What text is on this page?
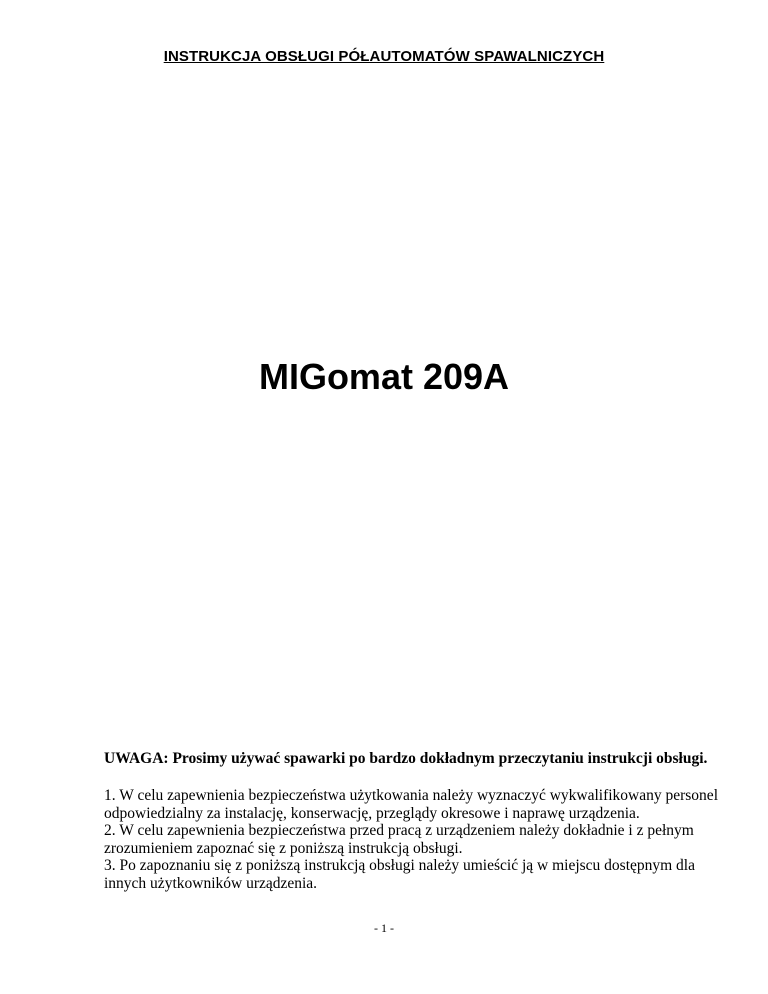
INSTRUKCJA OBSŁUGI PÓŁAUTOMATÓW SPAWALNICZYCH
MIGomat 209A
UWAGA: Prosimy używać spawarki po bardzo dokładnym przeczytaniu instrukcji obsługi.

1. W celu zapewnienia bezpieczeństwa użytkowania należy wyznaczyć wykwalifikowany personel odpowiedzialny za instalację, konserwację, przeglądy okresowe i naprawę urządzenia.

2. W celu zapewnienia bezpieczeństwa przed pracą z urządzeniem należy dokładnie i z pełnym zrozumieniem zapoznać się z poniższą instrukcją obsługi.

3. Po zapoznaniu się z poniższą instrukcją obsługi należy umieścić ją w miejscu dostępnym dla innych użytkowników urządzenia.

- 1 -
